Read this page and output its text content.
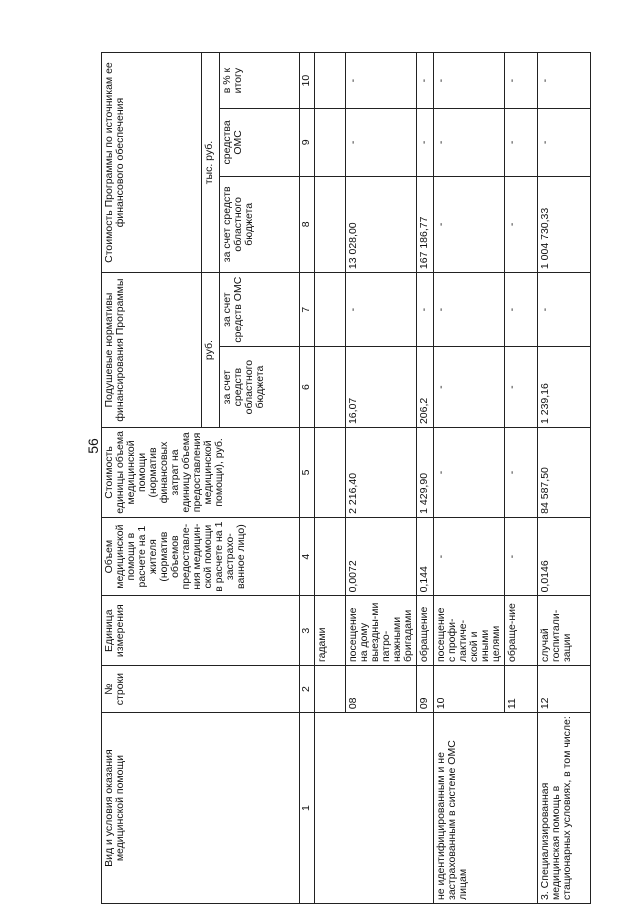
56
Вид и условия оказания медицинской помощи	№ строки	Единица измерения	Объем медицинской помощи в расчете на 1 жителя (норматив объемов предоставле-ния медицин-ской помощи в расчете на 1 застрахо-ванное лицо)	Стоимость единицы объема медицинской помощи (норматив финансовых затрат на единицу объема предоставления медицинской помощи), руб.	Подушевые нормативы финансирования Программы		Стоимость Программы по источникам ее финансового обеспечения		
					руб.		тыс. руб.		
					за счет средств областного бюджета	за счет средств ОМС	за счет средств областного бюджета	средства ОМС	в % к итогу
1	2	3	4	5	6	7	8	9	10
		гадами							
	08	посещение на дому выездны-ми патро-нажными бригадами	0,0072	2 216,40	16,07	-	13 028,00	-	-
	09	обращение	0,144	1 429,90	206,2	-	167 186,77	-	-
не идентифицированным и не застрахованным в системе ОМС лицам	10	посещение с профи-лактиче-ской и иными целями	-	-	-	-	-	-	-
	11	обраще-ние	-	-	-	-	-	-	-
3. Специализированная медицинская помощь в стационарных условиях, в том числе:	12	случай госпитали-зации	0,0146	84 587,50	1 239,16	-	1 004 730,33	-	-
